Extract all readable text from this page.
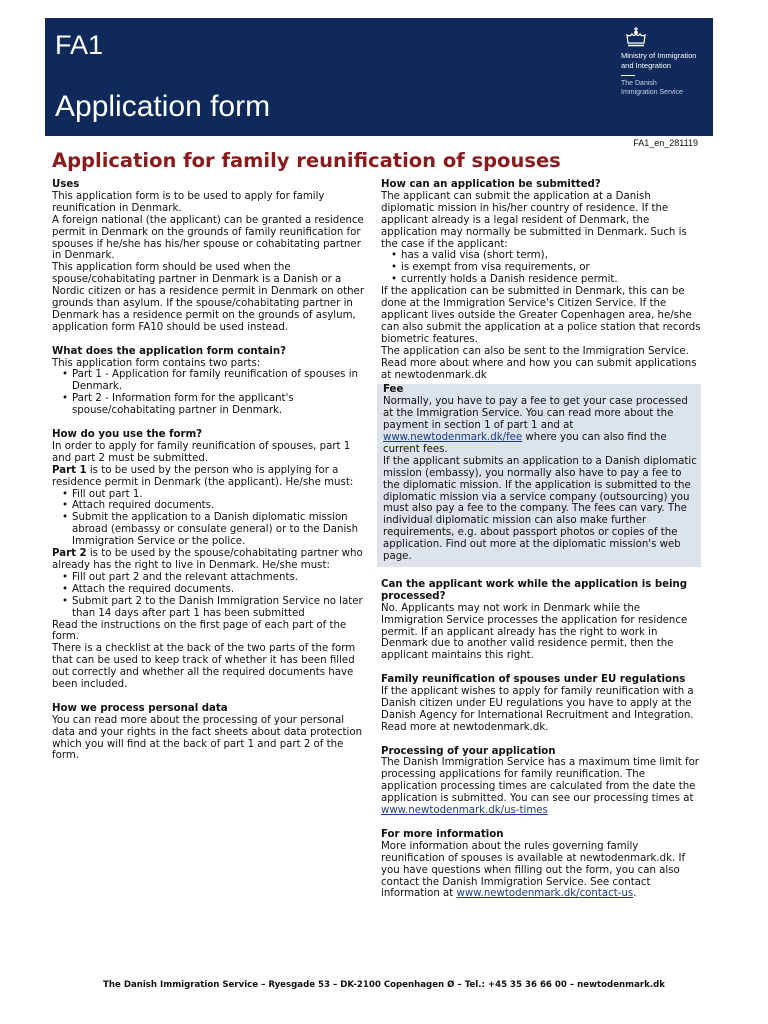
FA1
Application form
Ministry of Immigration
and Integration
The Danish
Immigration Service
FA1_en_281119
Application for family reunification of spouses
Uses

This application form is to be used to apply for family reunification in Denmark.

A foreign national (the applicant) can be granted a residence permit in Denmark on the grounds of family reunification for spouses if he/she has his/her spouse or cohabitating partner in Denmark.

This application form should be used when the spouse/cohabitating partner in Denmark is a Danish or a Nordic citizen or has a residence permit in Denmark on other grounds than asylum. If the spouse/cohabitating partner in Denmark has a residence permit on the grounds of asylum, application form FA10 should be used instead.

What does the application form contain?

This application form contains two parts:

• Part 1 - Application for family reunification of spouses in Denmark.
• Part 2 - Information form for the applicant's spouse/cohabitating partner in Denmark.
How do you use the form?

In order to apply for family reunification of spouses, part 1 and part 2 must be submitted.

Part 1 is to be used by the person who is applying for a residence permit in Denmark (the applicant). He/she must:

• Fill out part 1.
• Attach required documents.
• Submit the application to a Danish diplomatic mission abroad (embassy or consulate general) or to the Danish Immigration Service or the police.

Part 2 is to be used by the spouse/cohabitating partner who already has the right to live in Denmark. He/she must:

• Fill out part 2 and the relevant attachments.
• Attach the required documents.
• Submit part 2 to the Danish Immigration Service no later than 14 days after part 1 has been submitted

Read the instructions on the first page of each part of the form.

There is a checklist at the back of the two parts of the form that can be used to keep track of whether it has been filled out correctly and whether all the required documents have been included.

How we process personal data

You can read more about the processing of your personal data and your rights in the fact sheets about data protection which you will find at the back of part 1 and part 2 of the form.

How can an application be submitted?

The applicant can submit the application at a Danish diplomatic mission in his/her country of residence. If the applicant already is a legal resident of Denmark, the application may normally be submitted in Denmark. Such is the case if the applicant:

• has a valid visa (short term),
• is exempt from visa requirements, or
• currently holds a Danish residence permit.

If the application can be submitted in Denmark, this can be done at the Immigration Service's Citizen Service. If the applicant lives outside the Greater Copenhagen area, he/she can also submit the application at a police station that records biometric features.

The application can also be sent to the Immigration Service. Read more about where and how you can submit applications at newtodenmark.dk

Fee

Normally, you have to pay a fee to get your case processed at the Immigration Service. You can read more about the payment in section 1 of part 1 and at www.newtodenmark.dk/fee where you can also find the current fees.

If the applicant submits an application to a Danish diplomatic mission (embassy), you normally also have to pay a fee to the diplomatic mission. If the application is submitted to the diplomatic mission via a service company (outsourcing) you must also pay a fee to the company. The fees can vary. The individual diplomatic mission can also make further requirements, e.g. about passport photos or copies of the application. Find out more at the diplomatic mission's web page.

Can the applicant work while the application is being processed?

No. Applicants may not work in Denmark while the Immigration Service processes the application for residence permit. If an applicant already has the right to work in Denmark due to another valid residence permit, then the applicant maintains this right.

Family reunification of spouses under EU regulations

If the applicant wishes to apply for family reunification with a Danish citizen under EU regulations you have to apply at the Danish Agency for International Recruitment and Integration. Read more at newtodenmark.dk.

Processing of your application

The Danish Immigration Service has a maximum time limit for processing applications for family reunification. The application processing times are calculated from the date the application is submitted. You can see our processing times at www.newtodenmark.dk/us-times

For more information

More information about the rules governing family reunification of spouses is available at newtodenmark.dk. If you have questions when filling out the form, you can also contact the Danish Immigration Service. See contact information at www.newtodenmark.dk/contact-us.

The Danish Immigration Service – Ryesgade 53 – DK-2100 Copenhagen Ø – Tel.: +45 35 36 66 00 – newtodenmark.dk
